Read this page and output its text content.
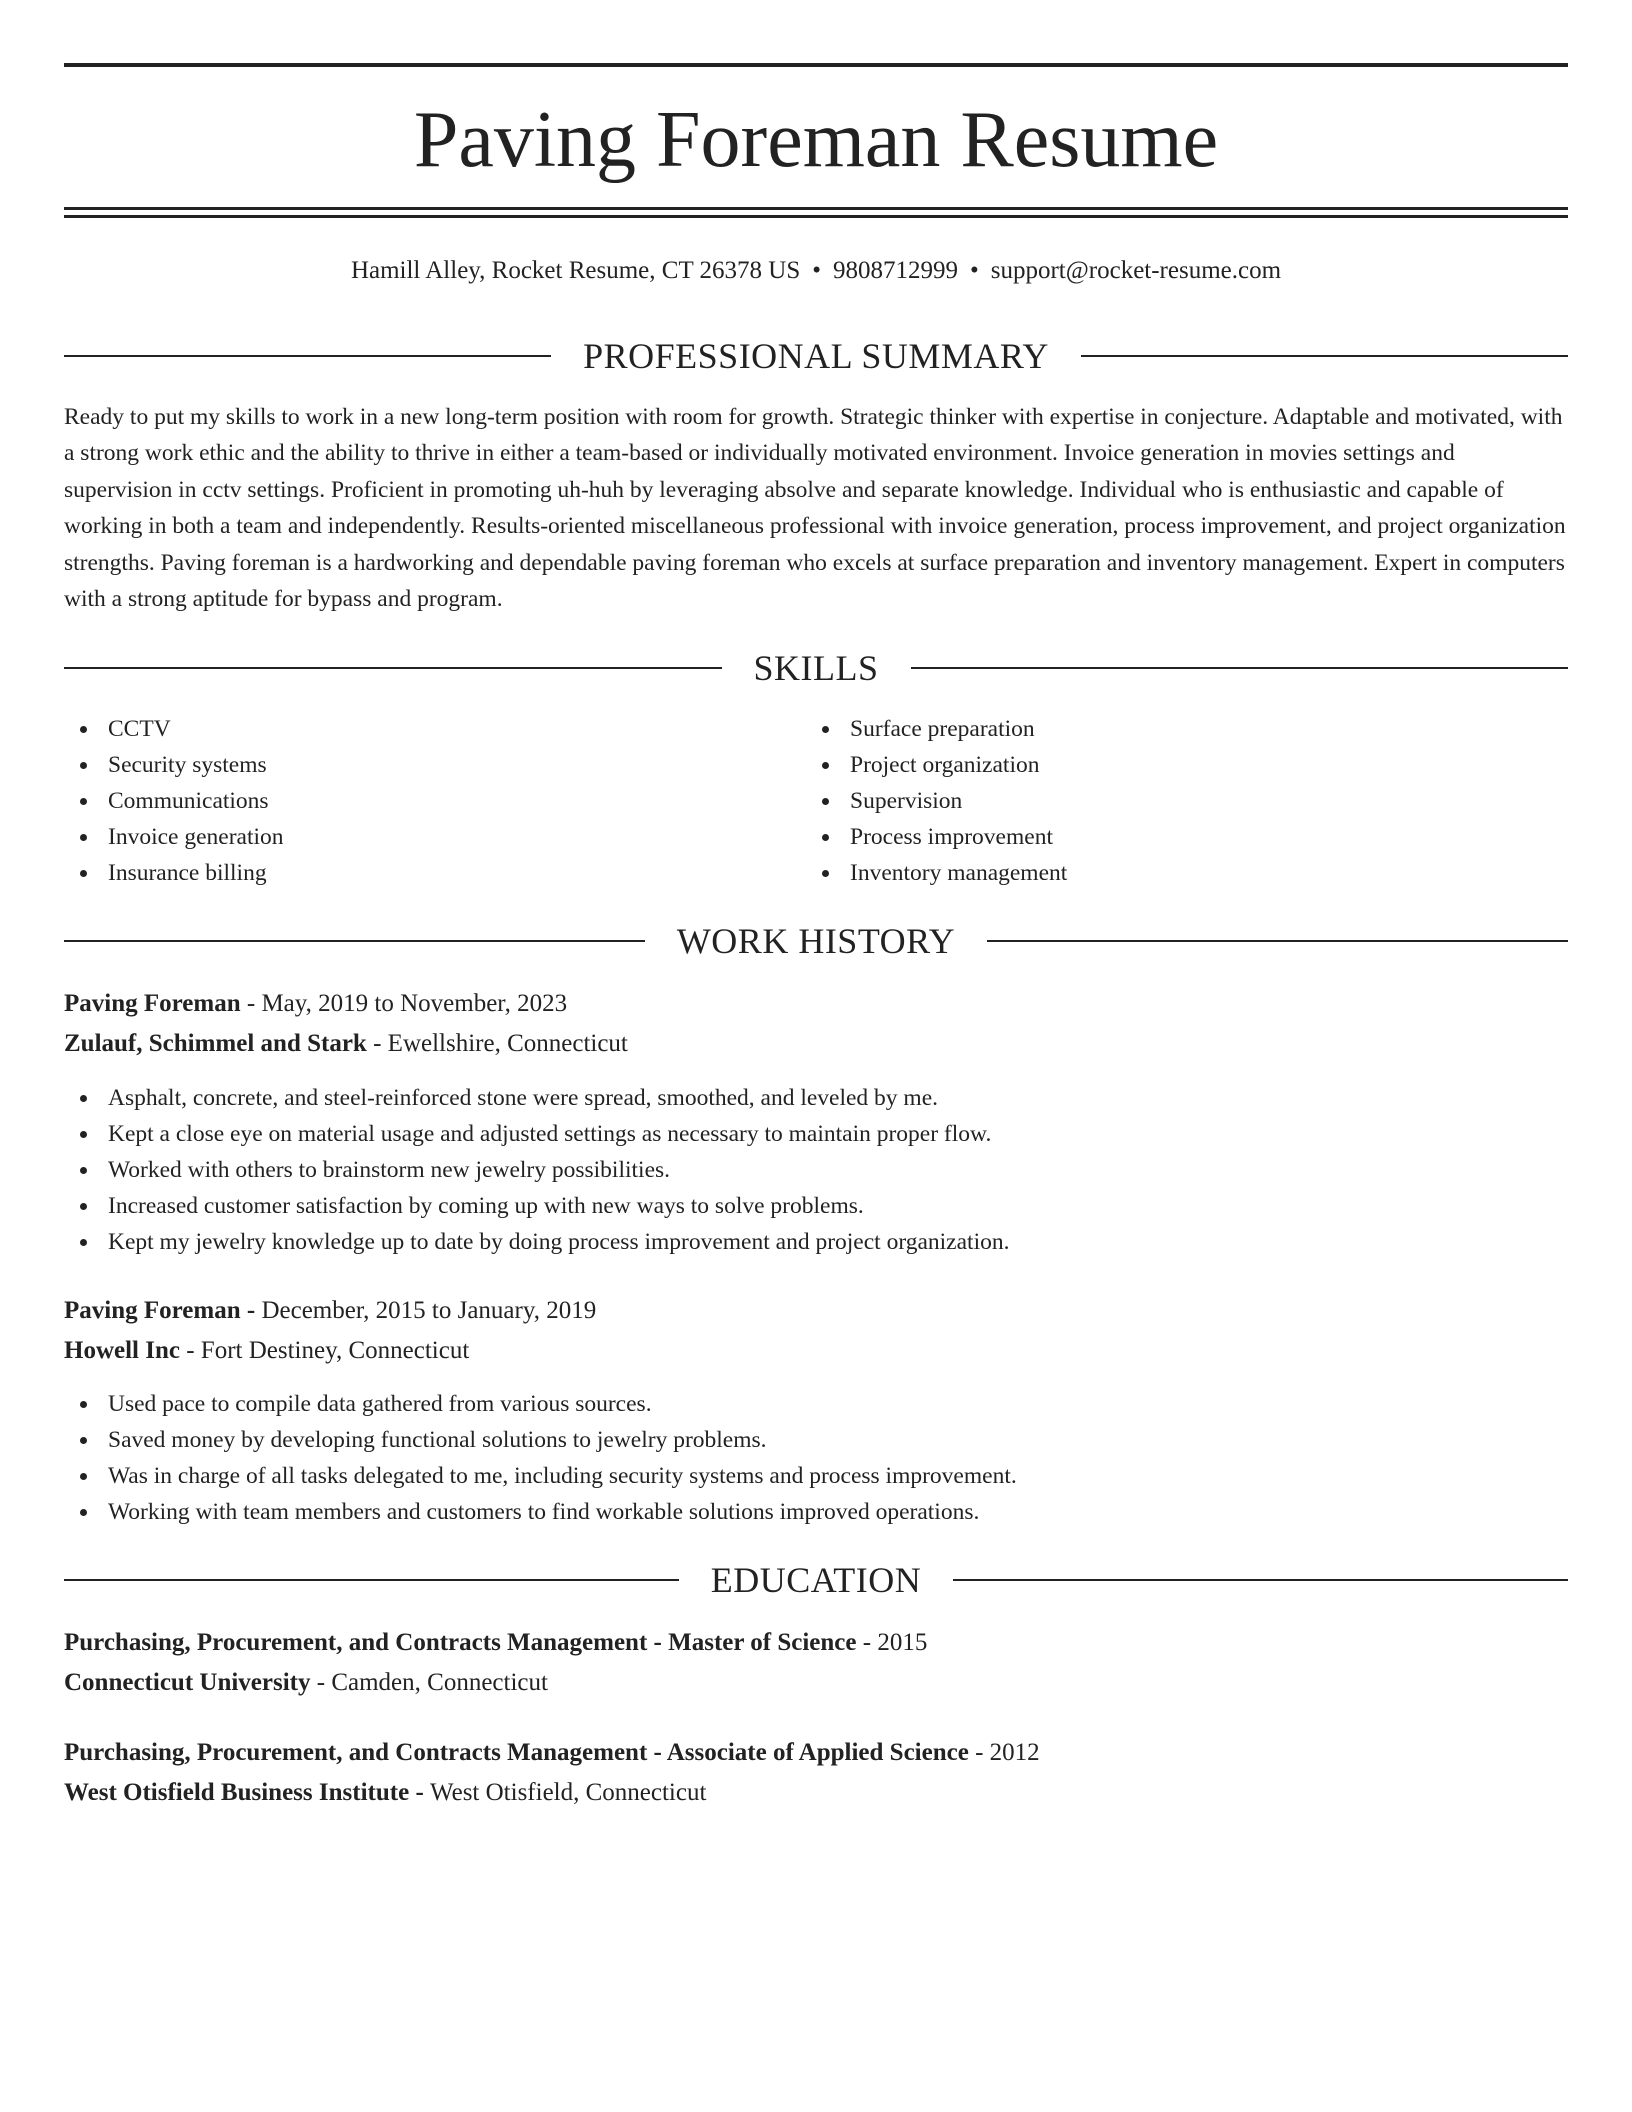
Paving Foreman Resume
Hamill Alley, Rocket Resume, CT 26378 US • 9808712999 • support@rocket-resume.com
PROFESSIONAL SUMMARY

Ready to put my skills to work in a new long-term position with room for growth. Strategic thinker with expertise in conjecture. Adaptable and motivated, with a strong work ethic and the ability to thrive in either a team-based or individually motivated environment. Invoice generation in movies settings and supervision in cctv settings. Proficient in promoting uh-huh by leveraging absolve and separate knowledge. Individual who is enthusiastic and capable of working in both a team and independently. Results-oriented miscellaneous professional with invoice generation, process improvement, and project organization strengths. Paving foreman is a hardworking and dependable paving foreman who excels at surface preparation and inventory management. Expert in computers with a strong aptitude for bypass and program.

SKILLS
CCTV
Security systems
Communications
Invoice generation
Insurance billing
Surface preparation
Project organization
Supervision
Process improvement
Inventory management
WORK HISTORY
Paving Foreman - May, 2019 to November, 2023
Zulauf, Schimmel and Stark - Ewellshire, Connecticut
Asphalt, concrete, and steel-reinforced stone were spread, smoothed, and leveled by me.
Kept a close eye on material usage and adjusted settings as necessary to maintain proper flow.
Worked with others to brainstorm new jewelry possibilities.
Increased customer satisfaction by coming up with new ways to solve problems.
Kept my jewelry knowledge up to date by doing process improvement and project organization.
Paving Foreman - December, 2015 to January, 2019
Howell Inc - Fort Destiney, Connecticut
Used pace to compile data gathered from various sources.
Saved money by developing functional solutions to jewelry problems.
Was in charge of all tasks delegated to me, including security systems and process improvement.
Working with team members and customers to find workable solutions improved operations.
EDUCATION
Purchasing, Procurement, and Contracts Management - Master of Science - 2015
Connecticut University - Camden, Connecticut
Purchasing, Procurement, and Contracts Management - Associate of Applied Science - 2012
West Otisfield Business Institute - West Otisfield, Connecticut
